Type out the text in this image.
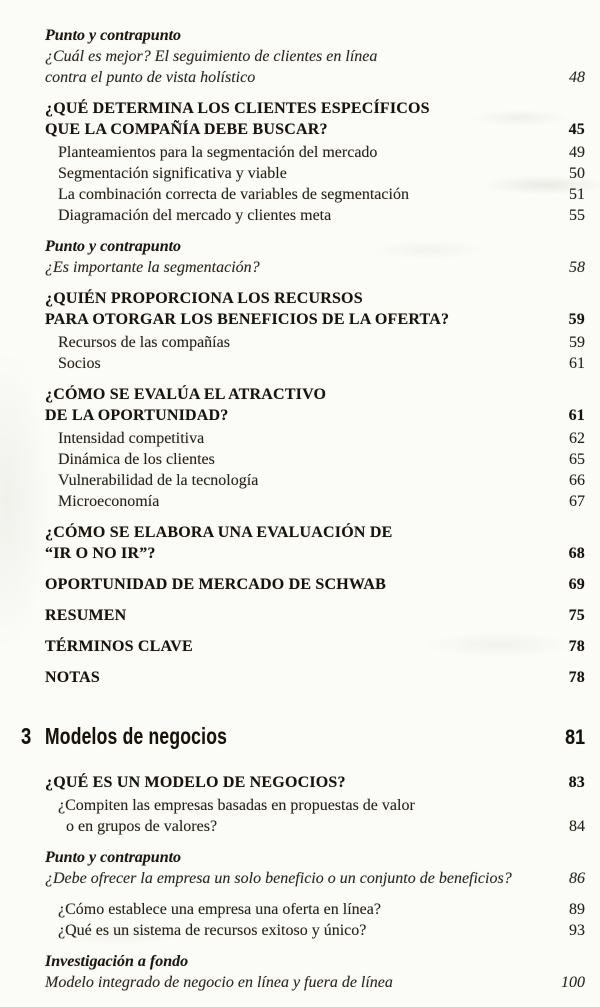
Punto y contrapunto
¿Cuál es mejor? El seguimiento de clientes en línea
contra el punto de vista holístico	48
¿QUÉ DETERMINA LOS CLIENTES ESPECÍFICOS
QUE LA COMPAÑÍA DEBE BUSCAR?	45
Planteamientos para la segmentación del mercado	49
Segmentación significativa y viable	50
La combinación correcta de variables de segmentación	51
Diagramación del mercado y clientes meta	55
Punto y contrapunto
¿Es importante la segmentación?	58
¿QUIÉN PROPORCIONA LOS RECURSOS
PARA OTORGAR LOS BENEFICIOS DE LA OFERTA?	59
Recursos de las compañías	59
Socios	61
¿CÓMO SE EVALÚA EL ATRACTIVO
DE LA OPORTUNIDAD?	61
Intensidad competitiva	62
Dinámica de los clientes	65
Vulnerabilidad de la tecnología	66
Microeconomía	67
¿CÓMO SE ELABORA UNA EVALUACIÓN DE
“IR O NO IR”?	68
OPORTUNIDAD DE MERCADO DE SCHWAB	69
RESUMEN	75
TÉRMINOS CLAVE	78
NOTAS	78
3 Modelos de negocios	81
¿QUÉ ES UN MODELO DE NEGOCIOS?	83
¿Compiten las empresas basadas en propuestas de valor
o en grupos de valores?	84
Punto y contrapunto
¿Debe ofrecer la empresa un solo beneficio o un conjunto de beneficios?	86
¿Cómo establece una empresa una oferta en línea?	89
¿Qué es un sistema de recursos exitoso y único?	93
Investigación a fondo
Modelo integrado de negocio en línea y fuera de línea	100
